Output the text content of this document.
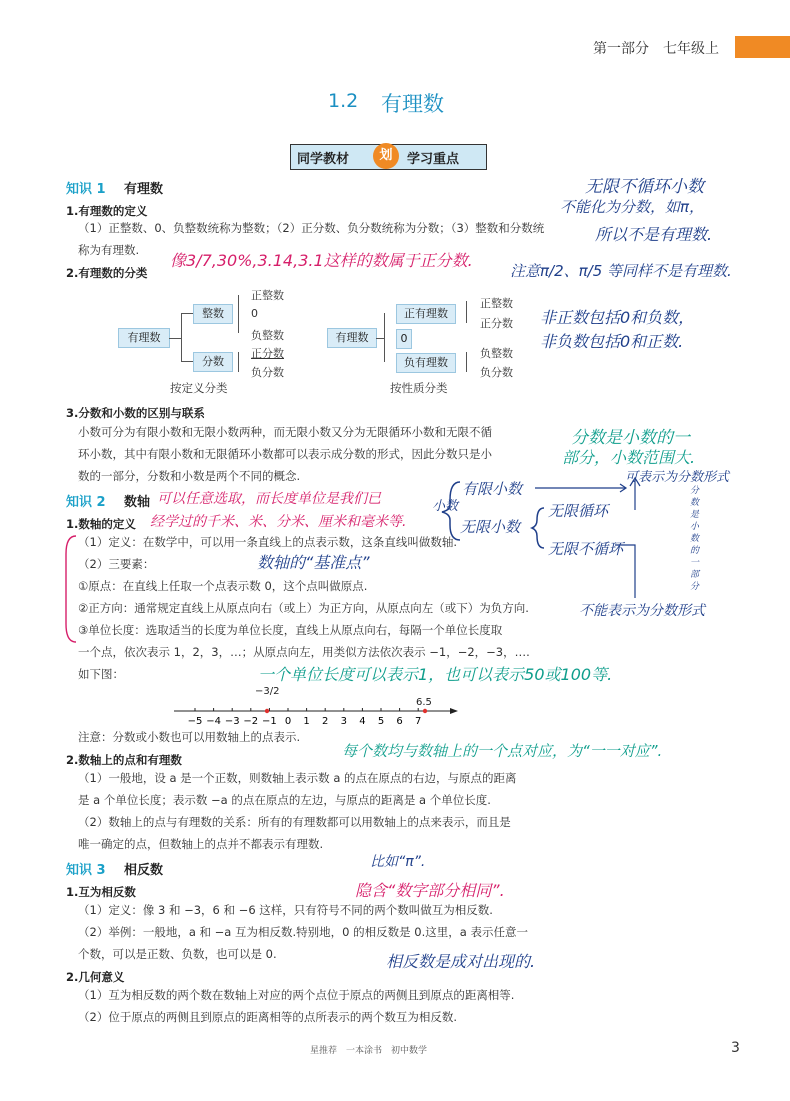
第一部分 七年级上
1.2 有理数
同学教材	划	学习重点
知识 1 有理数
1.有理数的定义
（1）正整数、0、负整数统称为整数；（2）正分数、负分数统称为分数；（3）整数和分数统
称为有理数.
2.有理数的分类
有理数
整数
分数
正整数
0
负整数
正分数
负分数
按定义分类
有理数
正有理数
0
负有理数
正整数
正分数
负整数
负分数
按性质分类
3.分数和小数的区别与联系
小数可分为有限小数和无限小数两种，而无限小数又分为无限循环小数和无限不循
环小数，其中有限小数和无限循环小数都可以表示成分数的形式，因此分数只是小
数的一部分，分数和小数是两个不同的概念.
知识 2 数轴
1.数轴的定义
（1）定义：在数学中，可以用一条直线上的点表示数，这条直线叫做数轴.
（2）三要素：
①原点：在直线上任取一个点表示数 0，这个点叫做原点.
②正方向：通常规定直线上从原点向右（或上）为正方向，从原点向左（或下）为负方向.
③单位长度：选取适当的长度为单位长度，直线上从原点向右，每隔一个单位长度取
一个点，依次表示 1，2，3，…；从原点向左，用类似方法依次表示 −1，−2，−3，….
如下图：
−5 −4 −3 −2 −1 0 1 2 3 4 5 6 7
−3/2
6.5
注意：分数或小数也可以用数轴上的点表示.
2.数轴上的点和有理数
（1）一般地，设 a 是一个正数，则数轴上表示数 a 的点在原点的右边，与原点的距离
是 a 个单位长度；表示数 −a 的点在原点的左边，与原点的距离是 a 个单位长度.
（2）数轴上的点与有理数的关系：所有的有理数都可以用数轴上的点来表示，而且是
唯一确定的点，但数轴上的点并不都表示有理数.
知识 3 相反数
1.互为相反数
（1）定义：像 3 和 −3，6 和 −6 这样，只有符号不同的两个数叫做互为相反数.
（2）举例：一般地，a 和 −a 互为相反数.特别地，0 的相反数是 0.这里，a 表示任意一
个数，可以是正数、负数，也可以是 0.
2.几何意义
（1）互为相反数的两个数在数轴上对应的两个点位于原点的两侧且到原点的距离相等.
（2）位于原点的两侧且到原点的距离相等的点所表示的两个数互为相反数.
无限不循环小数
不能化为分数，如π，
所以不是有理数.
像3/7,30%,3.14,3.1这样的数属于正分数.
注意π/2、π/5 等同样不是有理数.
非正数包括0和负数，
非负数包括0和正数.
分数是小数的一
部分，小数范围大.
小数
有限小数
无限小数
无限循环
无限不循环
可表示为分数形式
不能表示为分数形式
分数是小数的一部分
可以任意选取，而长度单位是我们已
经学过的千米、米、分米、厘米和毫米等.
数轴的“基准点”
一个单位长度可以表示1，也可以表示50或100等.
每个数均与数轴上的一个点对应，为“一一对应”.
比如“π”.
隐含“数字部分相同”.
相反数是成对出现的.
星推荐　一本涂书　初中数学	3
